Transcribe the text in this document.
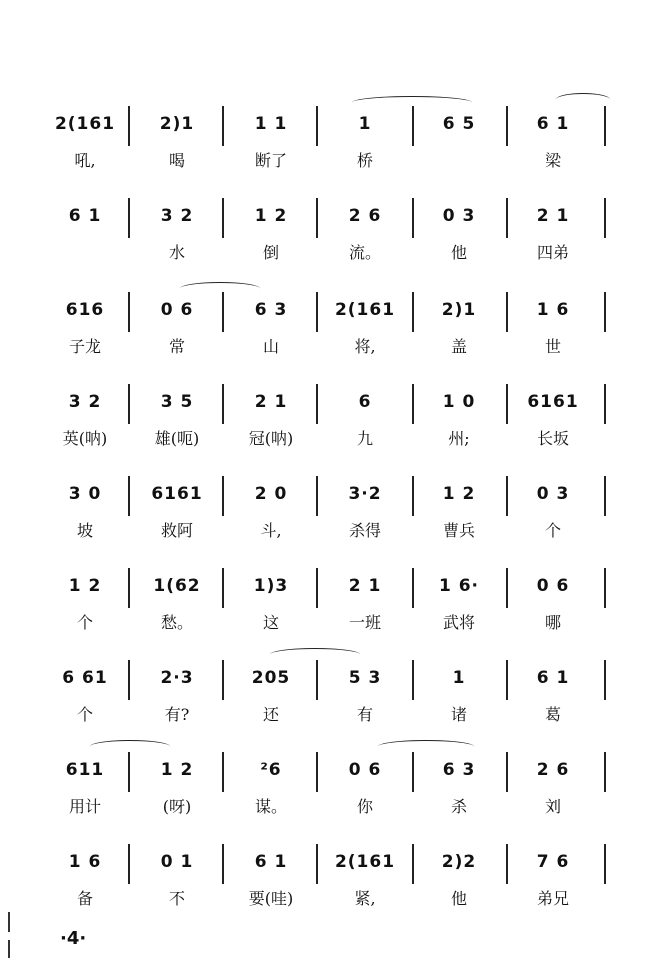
2(161
吼,
2)1
喝
1 1
断了
1
桥
6 5	6 1
梁
6 1	3 2
水
1 2
倒
2 6
流。
0 3
他
2 1
四弟
616
子龙
0 6
常
6 3
山
2(161
将,
2)1
盖
1 6
世
3 2
英(呐)
3 5
雄(呃)
2 1
冠(呐)
6
九
1 0
州;
6161
长坂
3 0
坡
6161
救阿
2 0
斗,
3·2
杀得
1 2
曹兵
0 3
个
1 2
个
1(62
愁。
1)3
这
2 1
一班
1 6·
武将
0 6
哪
6 61
个
2·3
有?
205
还
5 3
有
1
诸
6 1
葛
611
用计
1 2
(呀)
²6
谋。
0 6
你
6 3
杀
2 6
刘
1 6
备
0 1
不
6 1
要(哇)
2(161
紧,
2)2
他
7 6
弟兄
·4·
